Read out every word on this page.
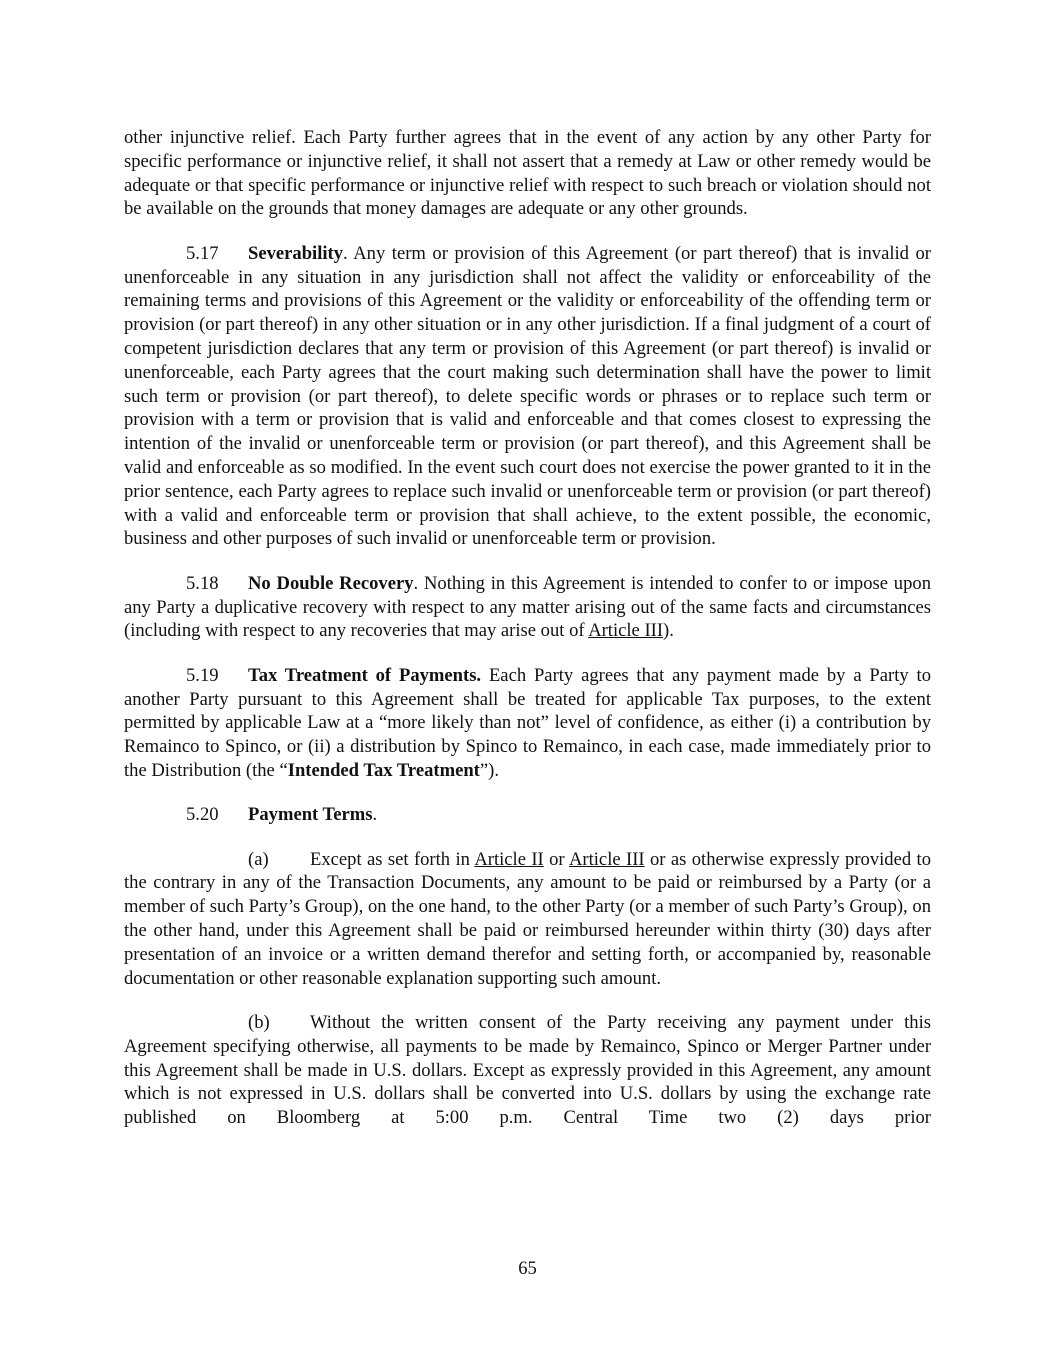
other injunctive relief. Each Party further agrees that in the event of any action by any other Party for specific performance or injunctive relief, it shall not assert that a remedy at Law or other remedy would be adequate or that specific performance or injunctive relief with respect to such breach or violation should not be available on the grounds that money damages are adequate or any other grounds.

5.17 Severability. Any term or provision of this Agreement (or part thereof) that is invalid or unenforceable in any situation in any jurisdiction shall not affect the validity or enforceability of the remaining terms and provisions of this Agreement or the validity or enforceability of the offending term or provision (or part thereof) in any other situation or in any other jurisdiction. If a final judgment of a court of competent jurisdiction declares that any term or provision of this Agreement (or part thereof) is invalid or unenforceable, each Party agrees that the court making such determination shall have the power to limit such term or provision (or part thereof), to delete specific words or phrases or to replace such term or provision with a term or provision that is valid and enforceable and that comes closest to expressing the intention of the invalid or unenforceable term or provision (or part thereof), and this Agreement shall be valid and enforceable as so modified. In the event such court does not exercise the power granted to it in the prior sentence, each Party agrees to replace such invalid or unenforceable term or provision (or part thereof) with a valid and enforceable term or provision that shall achieve, to the extent possible, the economic, business and other purposes of such invalid or unenforceable term or provision.

5.18 No Double Recovery. Nothing in this Agreement is intended to confer to or impose upon any Party a duplicative recovery with respect to any matter arising out of the same facts and circumstances (including with respect to any recoveries that may arise out of Article III).

5.19 Tax Treatment of Payments. Each Party agrees that any payment made by a Party to another Party pursuant to this Agreement shall be treated for applicable Tax purposes, to the extent permitted by applicable Law at a “more likely than not” level of confidence, as either (i) a contribution by Remainco to Spinco, or (ii) a distribution by Spinco to Remainco, in each case, made immediately prior to the Distribution (the “Intended Tax Treatment”).

5.20 Payment Terms.

(a) Except as set forth in Article II or Article III or as otherwise expressly provided to the contrary in any of the Transaction Documents, any amount to be paid or reimbursed by a Party (or a member of such Party’s Group), on the one hand, to the other Party (or a member of such Party’s Group), on the other hand, under this Agreement shall be paid or reimbursed hereunder within thirty (30) days after presentation of an invoice or a written demand therefor and setting forth, or accompanied by, reasonable documentation or other reasonable explanation supporting such amount.

(b) Without the written consent of the Party receiving any payment under this Agreement specifying otherwise, all payments to be made by Remainco, Spinco or Merger Partner under this Agreement shall be made in U.S. dollars. Except as expressly provided in this Agreement, any amount which is not expressed in U.S. dollars shall be converted into U.S. dollars by using the exchange rate published on Bloomberg at 5:00 p.m. Central Time two (2) days prior

65
